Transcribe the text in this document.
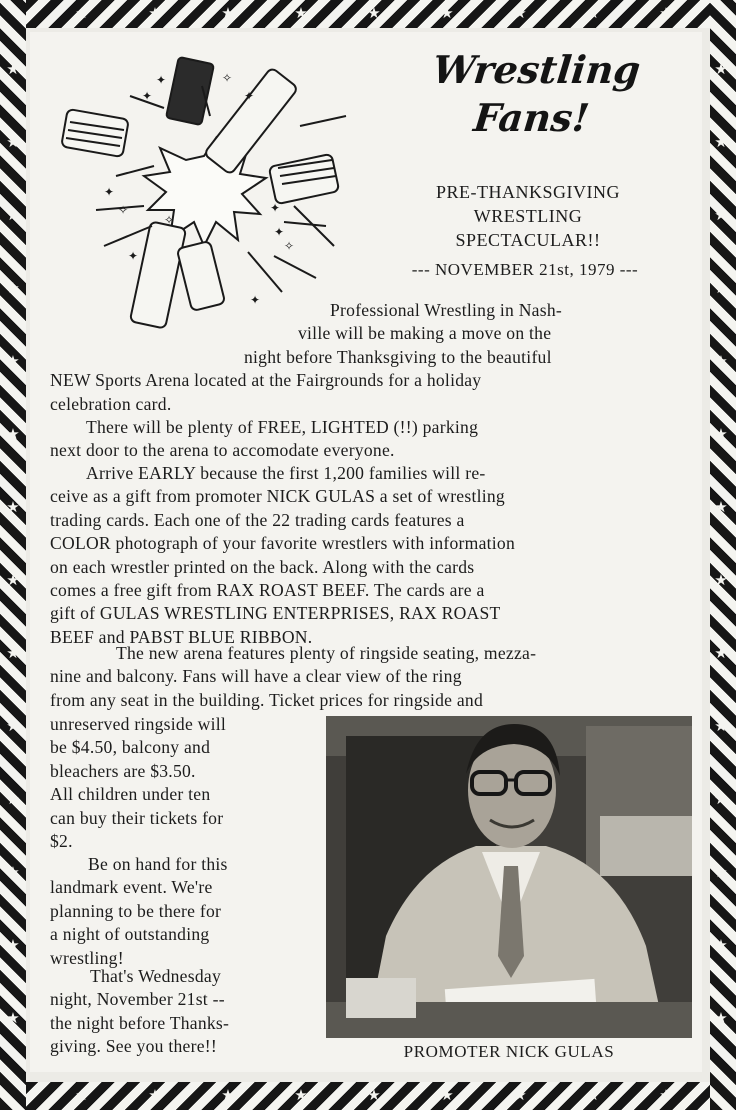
★
★
★
★
★
★
★
★
★
★
★
★
★
★
★
★
★
★
★	★
★	★
★	★
★	★
★	★
★	★
★	★
★	★
★	★
★	★
★	★
★	★
★	★
★	★
✦
✦
✧
✦
✦
✧
✦
✧
✦
✦
✧
✦
Wrestling
Fans!
PRE-THANKSGIVING
WRESTLING
SPECTACULAR!!
--- NOVEMBER 21st, 1979 ---
Professional Wrestling in Nash-
ville will be making a move on the
night before Thanksgiving to the beautiful
NEW Sports Arena located at the Fairgrounds for a holiday
celebration card.
There will be plenty of FREE, LIGHTED (!!) parking
next door to the arena to accomodate everyone.
Arrive EARLY because the first 1,200 families will re-
ceive as a gift from promoter NICK GULAS a set of wrestling
trading cards. Each one of the 22 trading cards features a
COLOR photograph of your favorite wrestlers with information
on each wrestler printed on the back. Along with the cards
comes a free gift from RAX ROAST BEEF. The cards are a
gift of GULAS WRESTLING ENTERPRISES, RAX ROAST
BEEF and PABST BLUE RIBBON.
The new arena features plenty of ringside seating, mezza-
nine and balcony. Fans will have a clear view of the ring
from any seat in the building. Ticket prices for ringside and
unreserved ringside will
be $4.50, balcony and
bleachers are $3.50.
All children under ten
can buy their tickets for
$2.
Be on hand for this
landmark event. We're
planning to be there for
a night of outstanding
wrestling!
That's Wednesday
night, November 21st --
the night before Thanks-
giving. See you there!!	PROMOTER NICK GULAS
